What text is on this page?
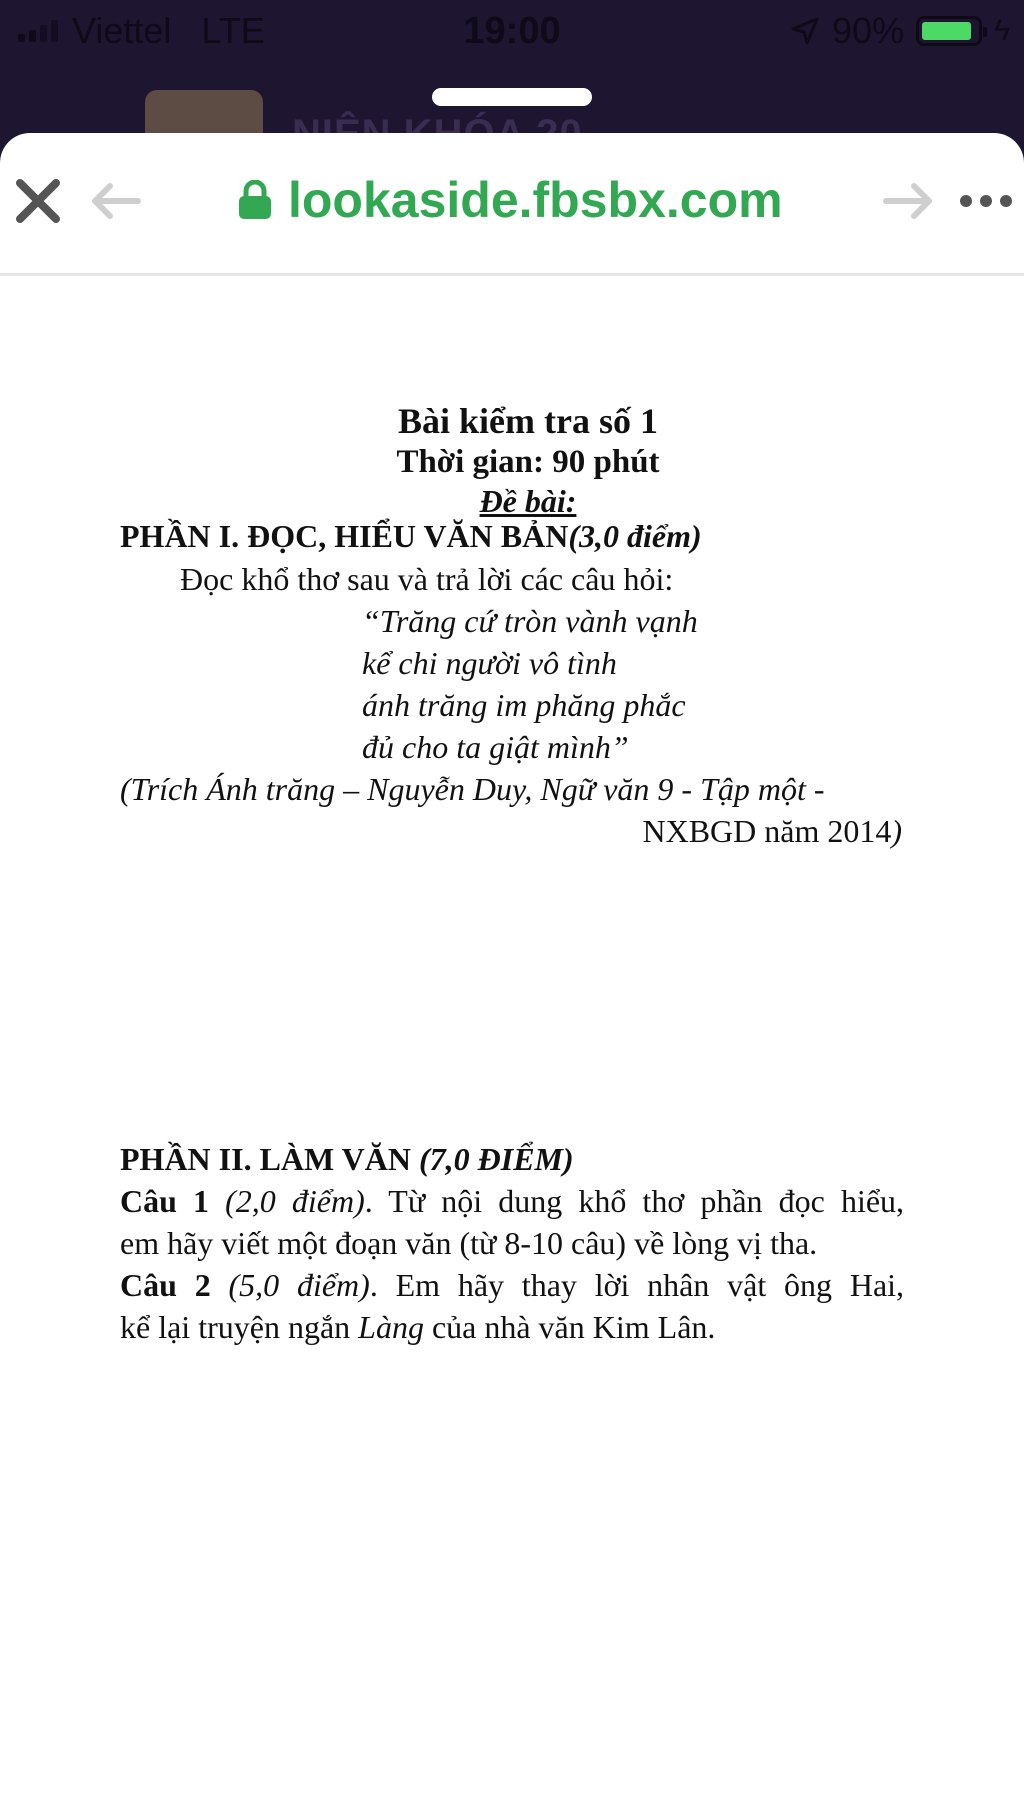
Viettel LTE	19:00	90%	ϟ
lookaside.fbsbx.com
Bài kiểm tra số 1
Thời gian: 90 phút
Đề bài:
PHẦN I. ĐỌC, HIỂU VĂN BẢN(3,0 điểm)
Đọc khổ thơ sau và trả lời các câu hỏi:
“Trăng cứ tròn vành vạnh
kể chi người vô tình
ánh trăng im phăng phắc
đủ cho ta giật mình”
(Trích Ánh trăng – Nguyễn Duy, Ngữ văn 9 - Tập một -
NXBGD năm 2014)
PHẦN II. LÀM VĂN (7,0 ĐIỂM)
Câu 1 (2,0 điểm). Từ nội dung khổ thơ phần đọc hiểu,
em hãy viết một đoạn văn (từ 8-10 câu) về lòng vị tha.
Câu 2 (5,0 điểm). Em hãy thay lời nhân vật ông Hai,
kể lại truyện ngắn Làng của nhà văn Kim Lân.
